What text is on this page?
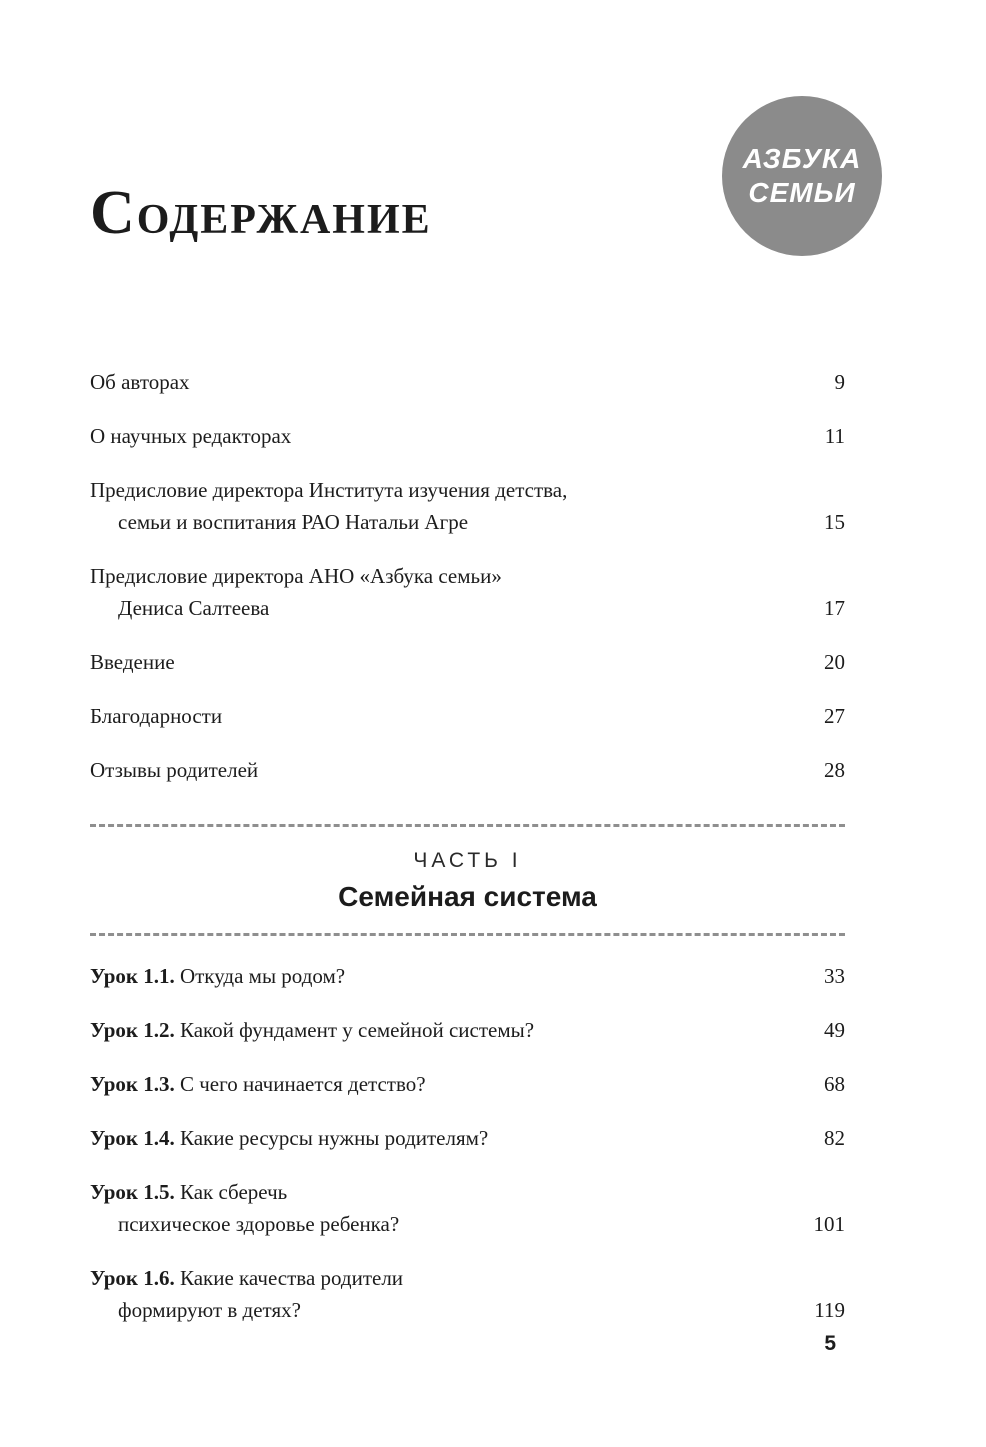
АЗБУКА
СЕМЬИ
СОДЕРЖАНИЕ
Об авторах	9
О научных редакторах	11
Предисловие директора Института изучения детства,
семьи и воспитания РАО Натальи Агре	15
Предисловие директора АНО «Азбука семьи»
Дениса Салтеева	17
Введение	20
Благодарности	27
Отзывы родителей	28
ЧАСТЬ I
Семейная система
Урок 1.1. Откуда мы родом?	33
Урок 1.2. Какой фундамент у семейной системы?	49
Урок 1.3. С чего начинается детство?	68
Урок 1.4. Какие ресурсы нужны родителям?	82
Урок 1.5. Как сберечь
психическое здоровье ребенка?	101
Урок 1.6. Какие качества родители
формируют в детях?	119
5
